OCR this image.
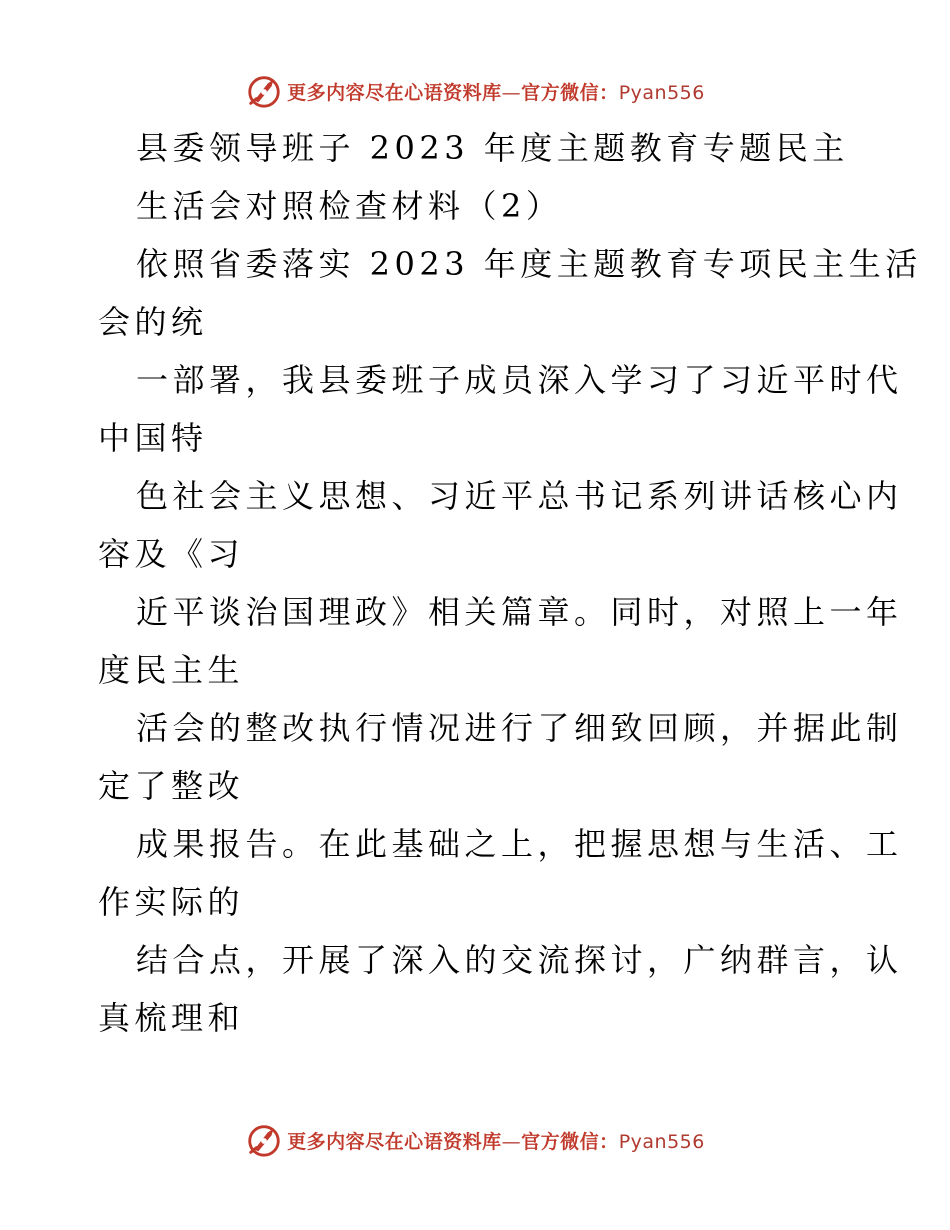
更多内容尽在心语资料库—官方微信：Pyan556
县委领导班子 2023 年度主题教育专题民主
生活会对照检查材料（2）
依照省委落实 2023 年度主题教育专项民主生活
会的统
一部署，我县委班子成员深入学习了习近平时代
中国特
色社会主义思想、习近平总书记系列讲话核心内
容及《习
近平谈治国理政》相关篇章。同时，对照上一年
度民主生
活会的整改执行情况进行了细致回顾，并据此制
定了整改
成果报告。在此基础之上，把握思想与生活、工
作实际的
结合点，开展了深入的交流探讨，广纳群言，认
真梳理和
更多内容尽在心语资料库—官方微信：Pyan556
